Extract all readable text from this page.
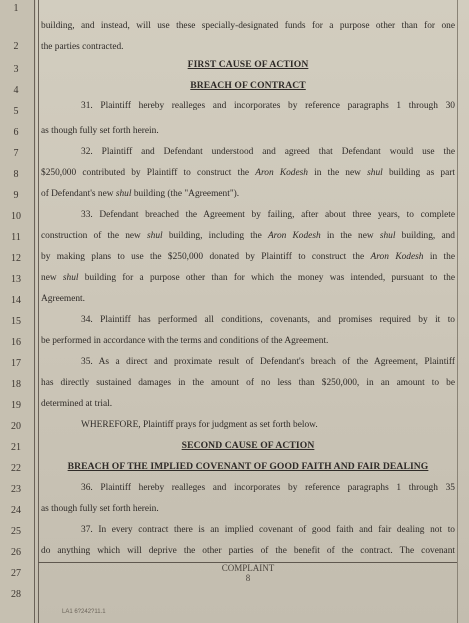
1
2
3
4
5
6
7
8
9
10
11
12
13
14
15
16
17
18
19
20
21
22
23
24
25
26
27
28
building, and instead, will use these specially-designated funds for a purpose other than for one
the parties contracted.
FIRST CAUSE OF ACTION
BREACH OF CONTRACT
31. Plaintiff hereby realleges and incorporates by reference paragraphs 1 through 30
as though fully set forth herein.
32. Plaintiff and Defendant understood and agreed that Defendant would use the
$250,000 contributed by Plaintiff to construct the Aron Kodesh in the new shul building as part
of Defendant's new shul building (the "Agreement").
33. Defendant breached the Agreement by failing, after about three years, to complete
construction of the new shul building, including the Aron Kodesh in the new shul building, and
by making plans to use the $250,000 donated by Plaintiff to construct the Aron Kodesh in the
new shul building for a purpose other than for which the money was intended, pursuant to the
Agreement.
34. Plaintiff has performed all conditions, covenants, and promises required by it to
be performed in accordance with the terms and conditions of the Agreement.
35. As a direct and proximate result of Defendant's breach of the Agreement, Plaintiff
has directly sustained damages in the amount of no less than $250,000, in an amount to be
determined at trial.
WHEREFORE, Plaintiff prays for judgment as set forth below.
SECOND CAUSE OF ACTION
BREACH OF THE IMPLIED COVENANT OF GOOD FAITH AND FAIR DEALING
36. Plaintiff hereby realleges and incorporates by reference paragraphs 1 through 35
as though fully set forth herein.
37. In every contract there is an implied covenant of good faith and fair dealing not to
do anything which will deprive the other parties of the benefit of the contract. The covenant
COMPLAINT
8
LA1 6?242?11.1
